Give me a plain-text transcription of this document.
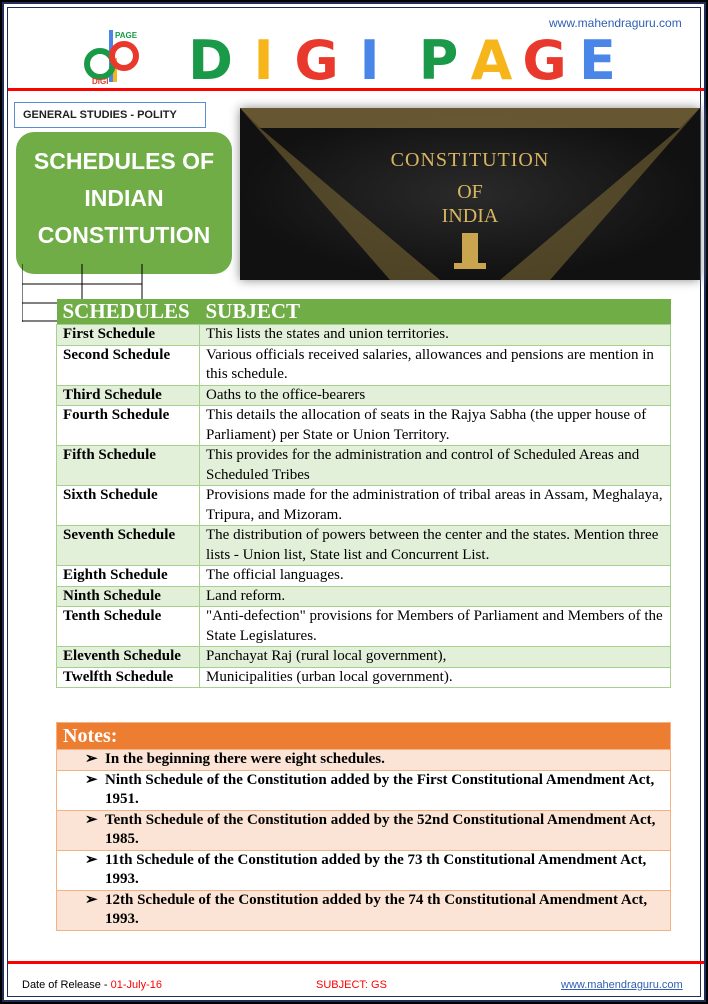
www.mahendraguru.com
PAGE
DIGI D I G I
P A G E
GENERAL STUDIES - POLITY
SCHEDULES OF
INDIAN
CONSTITUTION
CONSTITUTION
OF
INDIA
SCHEDULES	SUBJECT
First Schedule	This lists the states and union territories.
Second Schedule	Various officials received salaries, allowances and pensions are mention in this schedule.
Third Schedule	Oaths to the office-bearers
Fourth Schedule	This details the allocation of seats in the Rajya Sabha (the upper house of Parliament) per State or Union Territory.
Fifth Schedule	This provides for the administration and control of Scheduled Areas and Scheduled Tribes
Sixth Schedule	Provisions made for the administration of tribal areas in Assam, Meghalaya, Tripura, and Mizoram.
Seventh Schedule	The distribution of powers between the center and the states. Mention three lists - Union list, State list and Concurrent List.
Eighth Schedule	The official languages.
Ninth Schedule	Land reform.
Tenth Schedule	"Anti-defection" provisions for Members of Parliament and Members of the State Legislatures.
Eleventh Schedule	Panchayat Raj (rural local government),
Twelfth Schedule	Municipalities (urban local government).
Notes:
➢ In the beginning there were eight schedules.
➢ Ninth Schedule of the Constitution added by the First Constitutional Amendment Act, 1951.
➢ Tenth Schedule of the Constitution added by the 52nd Constitutional Amendment Act, 1985.
➢ 11th Schedule of the Constitution added by the 73 th Constitutional Amendment Act, 1993.
➢ 12th Schedule of the Constitution added by the 74 th Constitutional Amendment Act, 1993.
Date of Release - 01-July-16	SUBJECT: GS	www.mahendraguru.com
